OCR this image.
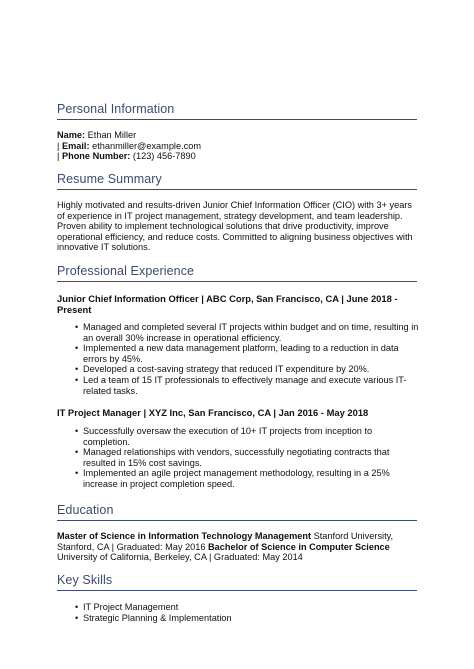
Personal Information
Name: Ethan Miller
| Email: ethanmiller@example.com
| Phone Number: (123) 456-7890
Resume Summary
Highly motivated and results-driven Junior Chief Information Officer (CIO) with 3+ years of experience in IT project management, strategy development, and team leadership. Proven ability to implement technological solutions that drive productivity, improve operational efficiency, and reduce costs. Committed to aligning business objectives with innovative IT solutions.
Professional Experience
Junior Chief Information Officer | ABC Corp, San Francisco, CA | June 2018 - Present
• Managed and completed several IT projects within budget and on time, resulting in an overall 30% increase in operational efficiency.
• Implemented a new data management platform, leading to a reduction in data errors by 45%.
• Developed a cost-saving strategy that reduced IT expenditure by 20%.
• Led a team of 15 IT professionals to effectively manage and execute various IT-related tasks.
IT Project Manager | XYZ Inc, San Francisco, CA | Jan 2016 - May 2018
• Successfully oversaw the execution of 10+ IT projects from inception to completion.
• Managed relationships with vendors, successfully negotiating contracts that resulted in 15% cost savings.
• Implemented an agile project management methodology, resulting in a 25% increase in project completion speed.
Education
Master of Science in Information Technology Management Stanford University, Stanford, CA | Graduated: May 2016 Bachelor of Science in Computer Science University of California, Berkeley, CA | Graduated: May 2014
Key Skills
• IT Project Management
• Strategic Planning & Implementation
